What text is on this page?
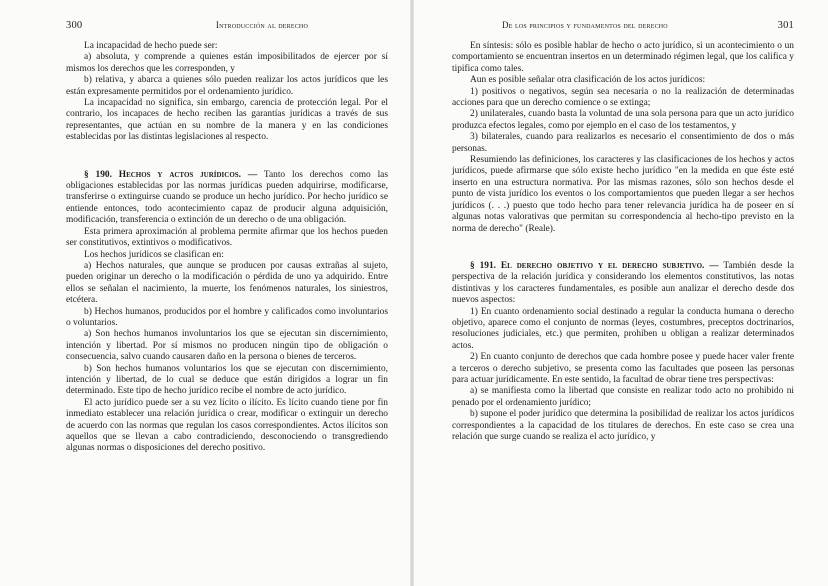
300	Introducción al derecho

La incapacidad de hecho puede ser:

a) absoluta, y comprende a quienes están imposibilitados de ejercer por sí mismos los derechos que les corresponden, y

b) relativa, y abarca a quienes sólo pueden realizar los actos jurídicos que les están expresamente permitidos por el ordenamiento jurídico.

La incapacidad no significa, sin embargo, carencia de protección legal. Por el contrario, los incapaces de hecho reciben las garantías jurídicas a través de sus representantes, que actúan en su nombre de la manera y en las condiciones establecidas por las distintas legislaciones al respecto.

§ 190. Hechos y actos jurídicos. — Tanto los derechos como las obligaciones establecidas por las normas jurídicas pueden adquirirse, modificarse, transferirse o extinguirse cuando se produce un hecho jurídico. Por hecho jurídico se entiende entonces, todo acontecimiento capaz de producir alguna adquisición, modificación, transferencia o extinción de un derecho o de una obligación.

Esta primera aproximación al problema permite afirmar que los hechos pueden ser constitutivos, extintivos o modificativos.

Los hechos jurídicos se clasifican en:

a) Hechos naturales, que aunque se producen por causas extrañas al sujeto, pueden originar un derecho o la modificación o pérdida de uno ya adquirido. Entre ellos se señalan el nacimiento, la muerte, los fenómenos naturales, los siniestros, etcétera.

b) Hechos humanos, producidos por el hombre y calificados como involuntarios o voluntarios.

a) Son hechos humanos involuntarios los que se ejecutan sin discernimiento, intención y libertad. Por sí mismos no producen ningún tipo de obligación o consecuencia, salvo cuando causaren daño en la persona o bienes de terceros.

b) Son hechos humanos voluntarios los que se ejecutan con discernimiento, intención y libertad, de lo cual se deduce que están dirigidos a lograr un fin determinado. Este tipo de hecho jurídico recibe el nombre de acto jurídico.

El acto jurídico puede ser a su vez lícito o ilícito. Es lícito cuando tiene por fin inmediato establecer una relación jurídica o crear, modificar o extinguir un derecho de acuerdo con las normas que regulan los casos correspondientes. Actos ilícitos son aquellos que se llevan a cabo contradiciendo, desconociendo o transgrediendo algunas normas o disposiciones del derecho positivo.

De los principios y fundamentos del derecho	301

En síntesis: sólo es posible hablar de hecho o acto jurídico, si un acontecimiento o un comportamiento se encuentran insertos en un determinado régimen legal, que los califica y tipifica como tales.

Aun es posible señalar otra clasificación de los actos jurídicos:

1) positivos o negativos, según sea necesaria o no la realización de determinadas acciones para que un derecho comience o se extinga;

2) unilaterales, cuando basta la voluntad de una sola persona para que un acto jurídico produzca efectos legales, como por ejemplo en el caso de los testamentos, y

3) bilaterales, cuando para realizarlos es necesario el consentimiento de dos o más personas.

Resumiendo las definiciones, los caracteres y las clasificaciones de los hechos y actos jurídicos, puede afirmarse que sólo existe hecho jurídico "en la medida en que éste esté inserto en una estructura normativa. Por las mismas razones, sólo son hechos desde el punto de vista jurídico los eventos o los comportamientos que pueden llegar a ser hechos jurídicos (. . .) puesto que todo hecho para tener relevancia jurídica ha de poseer en sí algunas notas valorativas que permitan su correspondencia al hecho-tipo previsto en la norma de derecho" (Reale).

§ 191. El derecho objetivo y el derecho subjetivo. — También desde la perspectiva de la relación jurídica y considerando los elementos constitutivos, las notas distintivas y los caracteres fundamentales, es posible aun analizar el derecho desde dos nuevos aspectos:

1) En cuanto ordenamiento social destinado a regular la conducta humana o derecho objetivo, aparece como el conjunto de normas (leyes, costumbres, preceptos doctrinarios, resoluciones judiciales, etc.) que permiten, prohíben u obligan a realizar determinados actos.

2) En cuanto conjunto de derechos que cada hombre posee y puede hacer valer frente a terceros o derecho subjetivo, se presenta como las facultades que poseen las personas para actuar jurídicamente. En este sentido, la facultad de obrar tiene tres perspectivas:

a) se manifiesta como la libertad que consiste en realizar todo acto no prohibido ni penado por el ordenamiento jurídico;

b) supone el poder jurídico que determina la posibilidad de realizar los actos jurídicos correspondientes a la capacidad de los titulares de derechos. En este caso se crea una relación que surge cuando se realiza el acto jurídico, y
